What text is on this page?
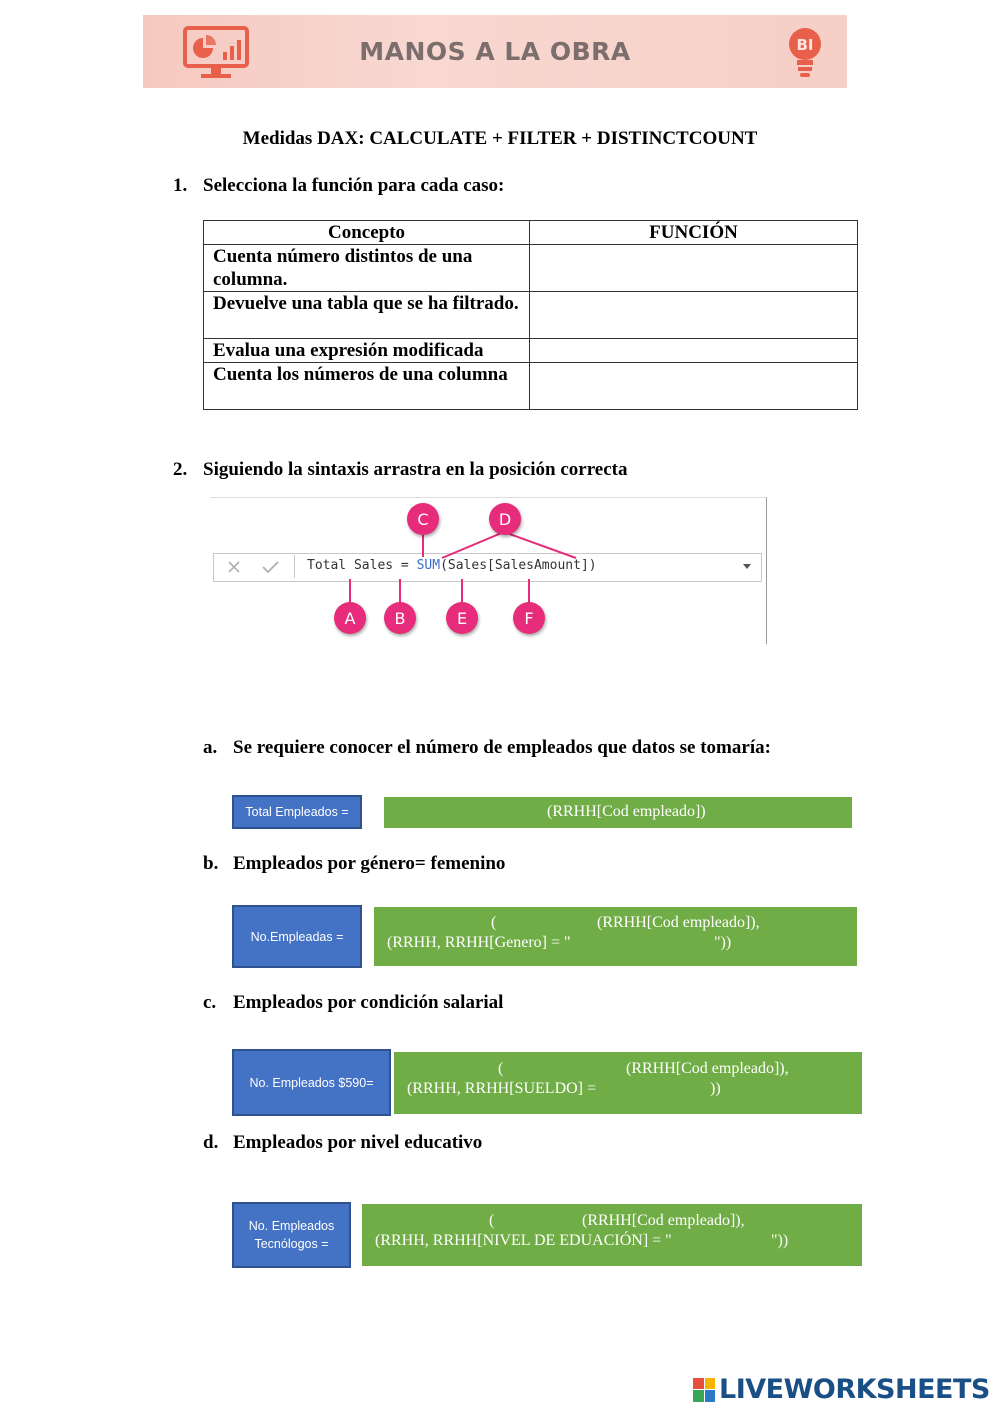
MANOS A LA OBRA	BI
Medidas DAX: CALCULATE + FILTER + DISTINCTCOUNT
1. Selecciona la función para cada caso:
Concepto	FUNCIÓN
Cuenta número distintos de una columna.	
Devuelve una tabla que se ha filtrado.	
Evalua una expresión modificada	
Cuenta los números de una columna	
2. Siguiendo la sintaxis arrastra en la posición correcta
Total Sales = SUM(Sales[SalesAmount])
C	D
A	B	E	F
a. Se requiere conocer el número de empleados que datos se tomaría:
Total Empleados =	(RRHH[Cod empleado])
b. Empleados por género= femenino
No.Empleadas =
(	(RRHH[Cod empleado]),
(RRHH, RRHH[Genero] = "	"))
c. Empleados por condición salarial
No. Empleados $590=
(	(RRHH[Cod empleado]),
(RRHH, RRHH[SUELDO] =	))
d. Empleados por nivel educativo
No. Empleados
Tecnólogos =
(	(RRHH[Cod empleado]),
(RRHH, RRHH[NIVEL DE EDUACIÓN] = "	"))
LIVEWORKSHEETS
